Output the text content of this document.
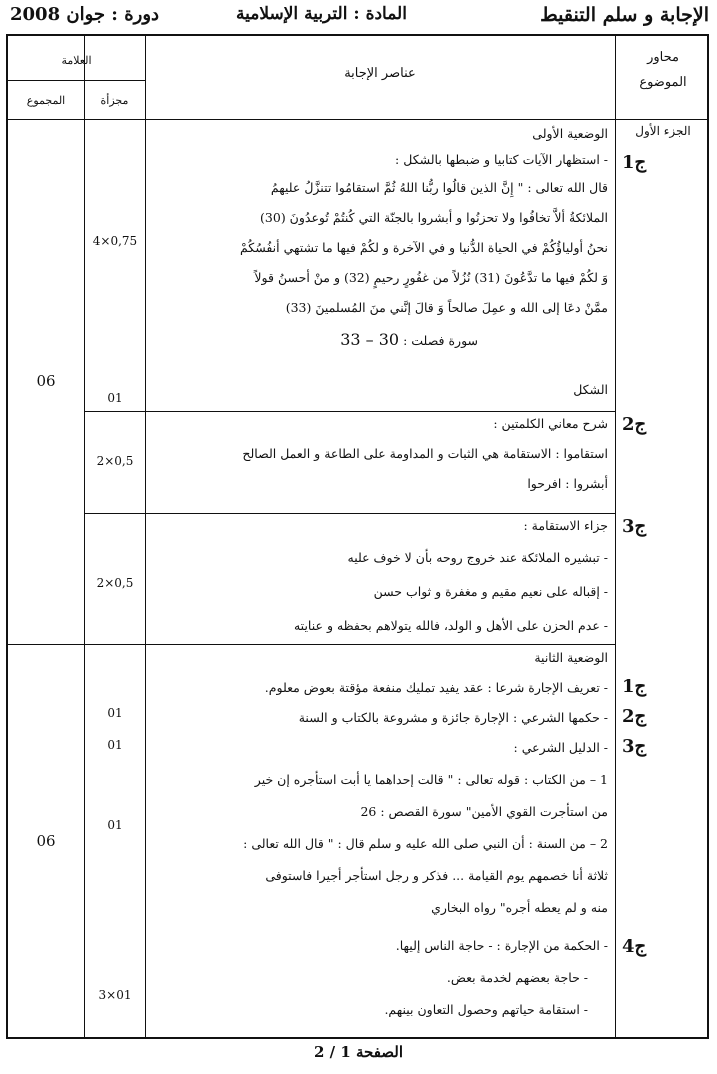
الإجابة و سلم التنقيط
المادة : التربية الإسلامية
دورة : جوان 2008
محاور
الموضوع
عناصر الإجابة
العلامة
مجزأة
المجموع
الجزء الأول
06
ج1
الوضعية الأولى
- استظهار الآيات كتابيا و ضبطها بالشكل :
قال الله تعالى : " إِنَّ الذين قالُوا ربُّنا اللهُ ثُمَّ استقامُوا تتنزَّلُ عليهمُ
الملائكةُ ألاَّ تخافُوا ولا تحزنُوا و أبشروا بالجنّة التي كُنتُمْ تُوعدُونَ (30)
نحنُ أولياؤُكُمْ في الحياة الدُّنيا و في الآخرة و لكُمْ فيها ما تشتهي أنفُسُكُمْ
وَ لكُمْ فيها ما تدَّعُونَ (31) نُزُلاً من غفُورٍ رحيمٍ (32) و منْ أحسنُ قولاً
ممَّنْ دعَا إلى الله و عمِلَ صالحاً وَ قالَ إنَّني منَ المُسلمينَ (33)
سورة فصلت : 30 – 33
الشكل
4×0,75
01
ج2
شرح معاني الكلمتين :
استقاموا : الاستقامة هي الثبات و المداومة على الطاعة و العمل الصالح
أبشروا : افرحوا
2×0,5
ج3
جزاء الاستقامة :
- تبشيره الملائكة عند خروج روحه بأن لا خوف عليه
- إقباله على نعيم مقيم و مغفرة و ثواب حسن
- عدم الحزن على الأهل و الولد، فالله يتولاهم بحفظه و عنايته
2×0,5
06
الوضعية الثانية
- تعريف الإجارة شرعا : عقد يفيد تمليك منفعة مؤقتة بعوض معلوم.
- حكمها الشرعي : الإجارة جائزة و مشروعة بالكتاب و السنة
- الدليل الشرعي :
1 – من الكتاب : قوله تعالى : " قالت إحداهما يا أبت استأجره إن خير
من استأجرت القوي الأمين" سورة القصص : 26
2 – من السنة : أن النبي صلى الله عليه و سلم قال : " قال الله تعالى :
ثلاثة أنا خصمهم يوم القيامة ... فذكر و رجل استأجر أجيرا فاستوفى
منه و لم يعطه أجره" رواه البخاري
- الحكمة من الإجارة : - حاجة الناس إليها.
- حاجة بعضهم لخدمة بعض.
- استقامة حياتهم وحصول التعاون بينهم.
ج1
ج2
ج3
ج4
01
01
01
3×01
الصفحة 1 / 2
